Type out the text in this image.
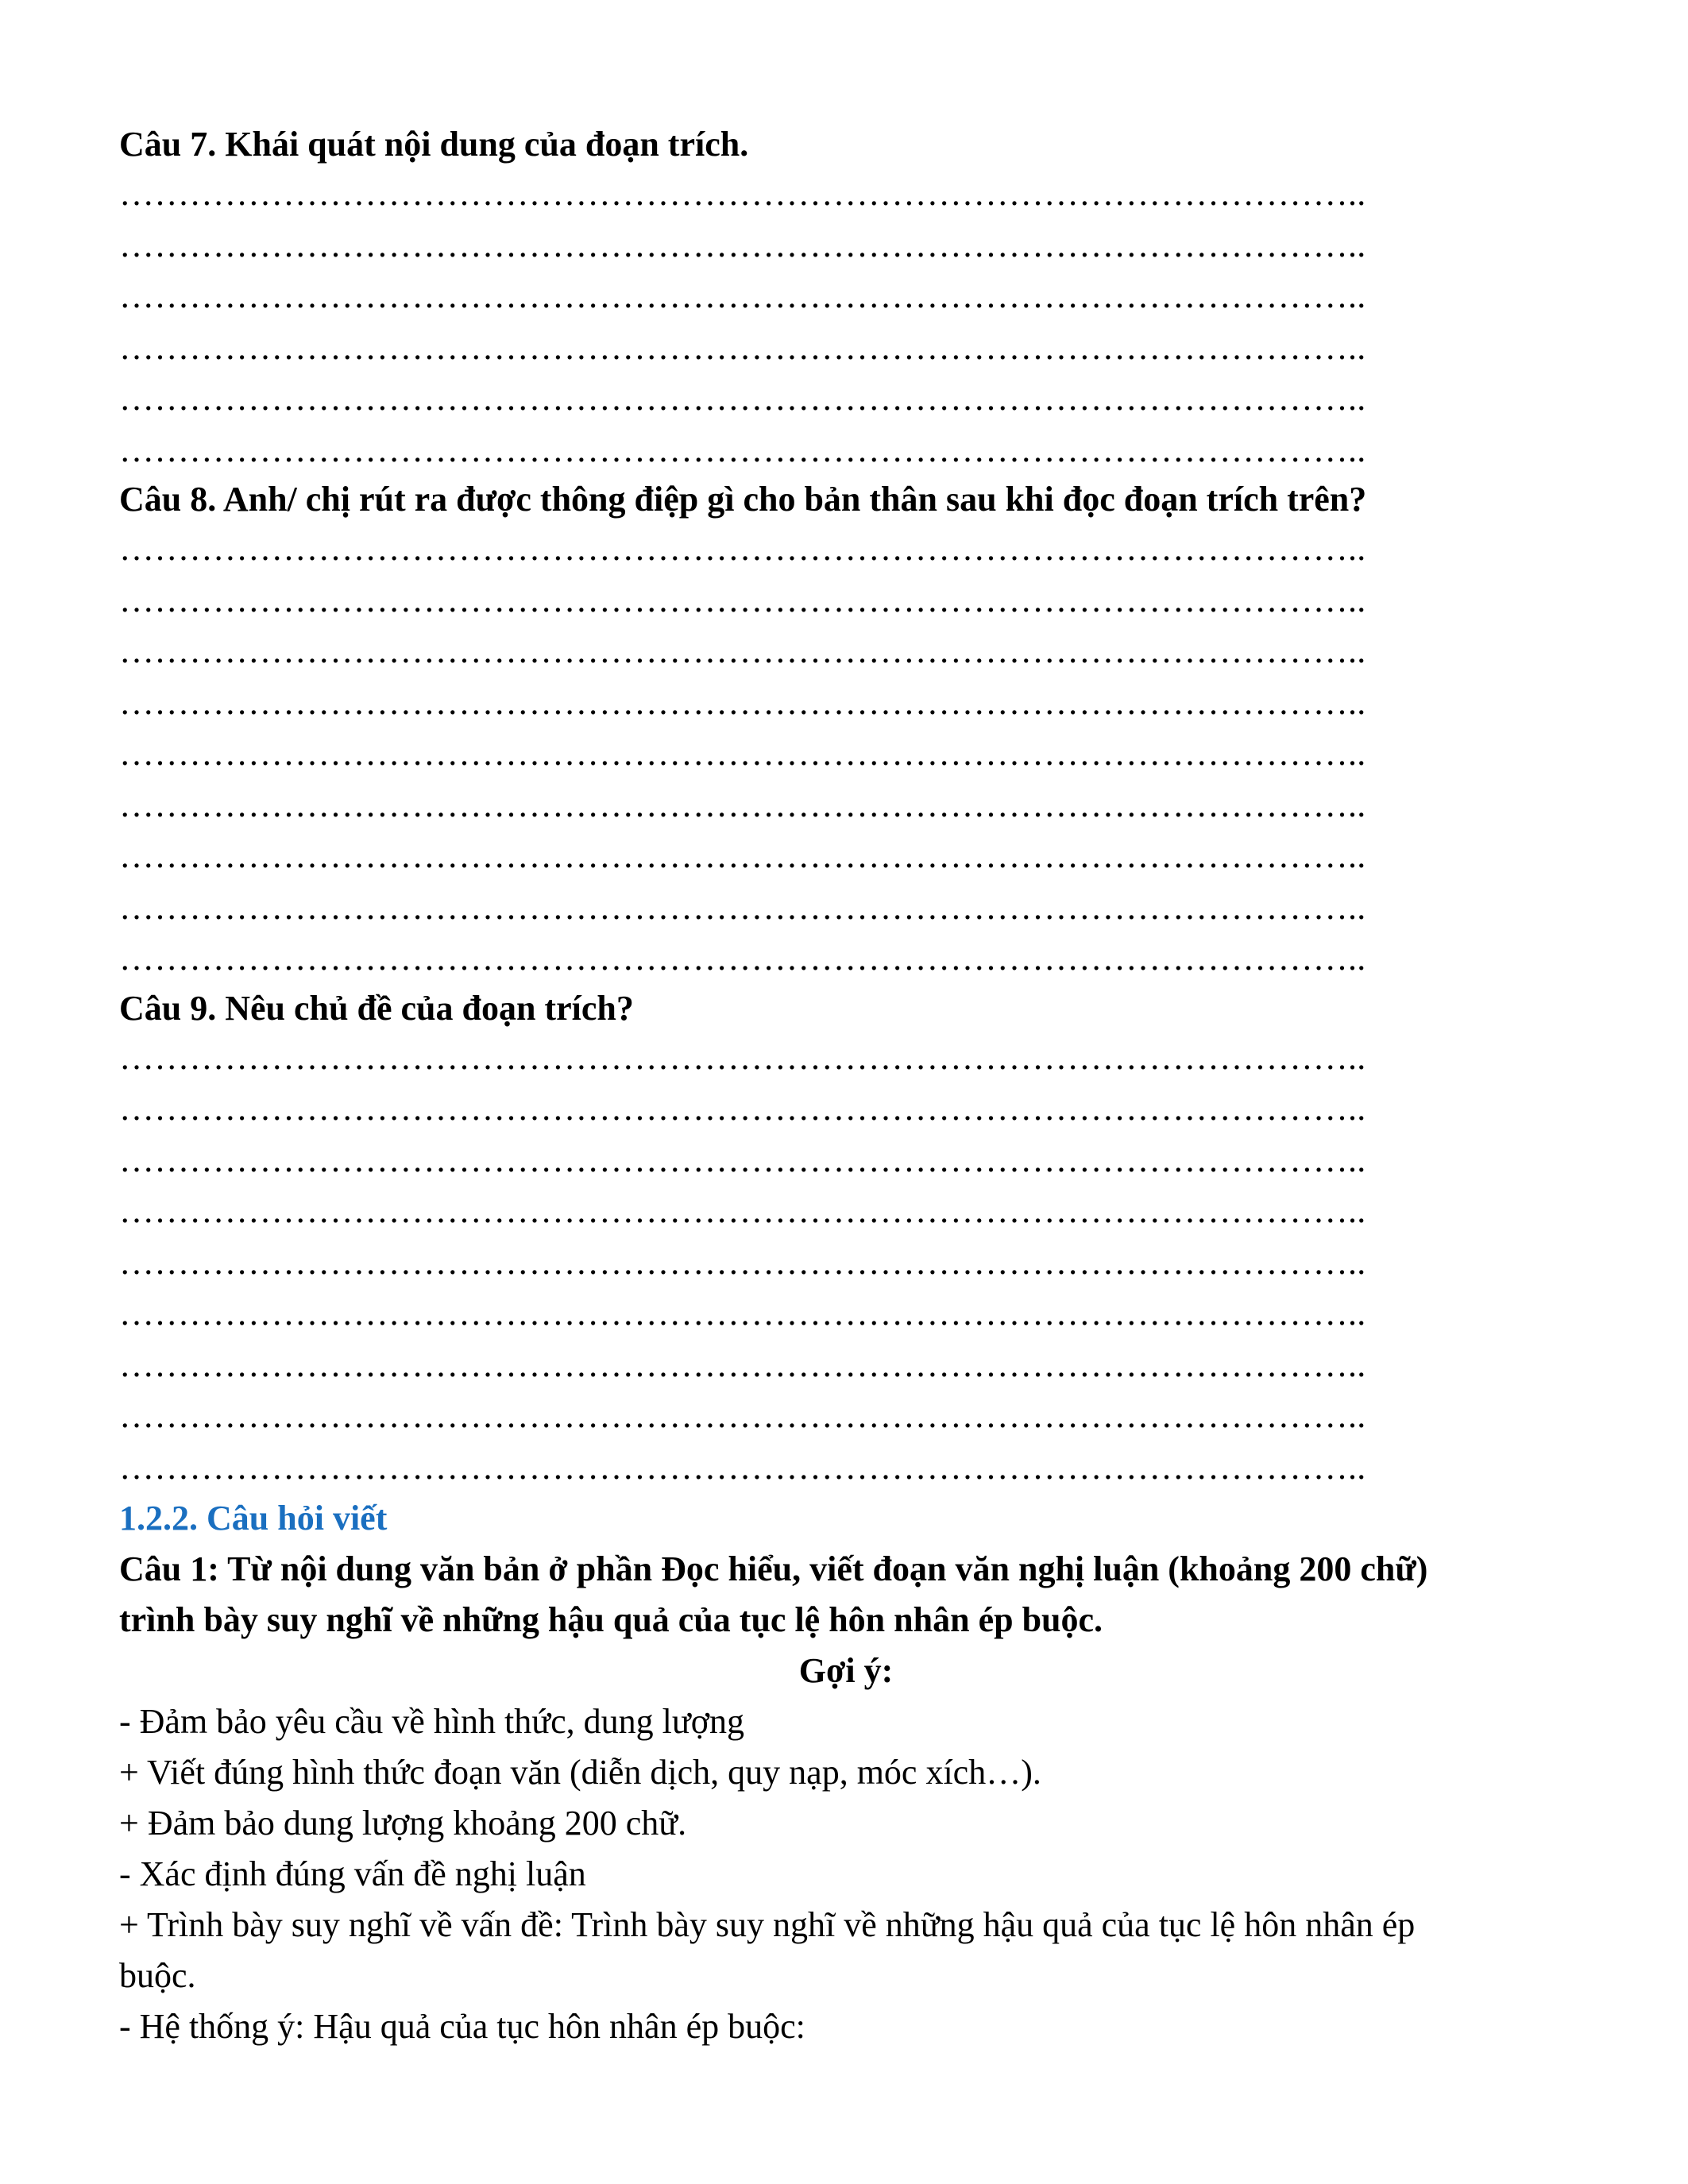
Câu 7. Khái quát nội dung của đoạn trích.
……………………………………………………………………………………………..
……………………………………………………………………………………………..
……………………………………………………………………………………………..
……………………………………………………………………………………………..
……………………………………………………………………………………………..
……………………………………………………………………………………………..
Câu 8. Anh/ chị rút ra được thông điệp gì cho bản thân sau khi đọc đoạn trích trên?
……………………………………………………………………………………………..
……………………………………………………………………………………………..
……………………………………………………………………………………………..
……………………………………………………………………………………………..
……………………………………………………………………………………………..
……………………………………………………………………………………………..
……………………………………………………………………………………………..
……………………………………………………………………………………………..
……………………………………………………………………………………………..
Câu 9. Nêu chủ đề của đoạn trích?
……………………………………………………………………………………………..
……………………………………………………………………………………………..
……………………………………………………………………………………………..
……………………………………………………………………………………………..
……………………………………………………………………………………………..
……………………………………………………………………………………………..
……………………………………………………………………………………………..
……………………………………………………………………………………………..
……………………………………………………………………………………………..
1.2.2. Câu hỏi viết
Câu 1: Từ nội dung văn bản ở phần Đọc hiểu, viết đoạn văn nghị luận (khoảng 200 chữ)
trình bày suy nghĩ về những hậu quả của tục lệ hôn nhân ép buộc.
Gợi ý:
- Đảm bảo yêu cầu về hình thức, dung lượng
+ Viết đúng hình thức đoạn văn (diễn dịch, quy nạp, móc xích…).
+ Đảm bảo dung lượng khoảng 200 chữ.
- Xác định đúng vấn đề nghị luận
+ Trình bày suy nghĩ về vấn đề: Trình bày suy nghĩ về những hậu quả của tục lệ hôn nhân ép
buộc.
- Hệ thống ý: Hậu quả của tục hôn nhân ép buộc:
